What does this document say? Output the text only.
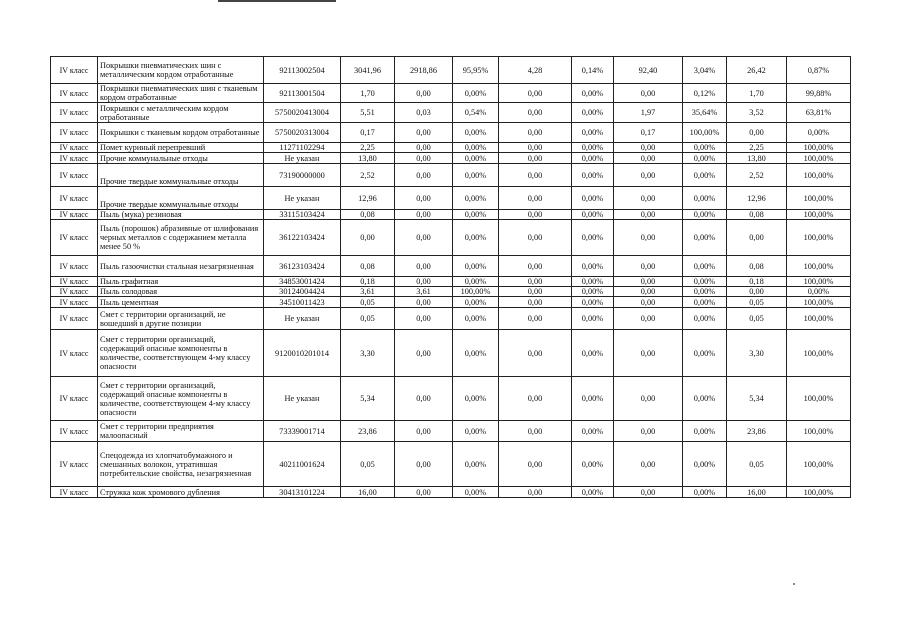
IV класс	Покрышки пневматических шин с металлическим кордом отработанные	92113002504	3041,96	2918,86	95,95%	4,28	0,14%	92,40	3,04%	26,42	0,87%
IV класс	Покрышки пневматических шин с тканевым кордом отработанные	92113001504	1,70	0,00	0,00%	0,00	0,00%	0,00	0,12%	1,70	99,88%
IV класс	Покрышки с металлическим кордом отработанные	5750020413004	5,51	0,03	0,54%	0,00	0,00%	1,97	35,64%	3,52	63,81%
IV класс	Покрышки с тканевым кордом отработанные	5750020313004	0,17	0,00	0,00%	0,00	0,00%	0,17	100,00%	0,00	0,00%
IV класс	Помет куриный перепревший	11271102294	2,25	0,00	0,00%	0,00	0,00%	0,00	0,00%	2,25	100,00%
IV класс	Прочие коммунальные отходы	Не указан	13,80	0,00	0,00%	0,00	0,00%	0,00	0,00%	13,80	100,00%
IV класс	Прочие твердые коммунальные отходы	73190000000	2,52	0,00	0,00%	0,00	0,00%	0,00	0,00%	2,52	100,00%
IV класс	Прочие твердые коммунальные отходы	Не указан	12,96	0,00	0,00%	0,00	0,00%	0,00	0,00%	12,96	100,00%
IV класс	Пыль (мука) резиновая	33115103424	0,08	0,00	0,00%	0,00	0,00%	0,00	0,00%	0,08	100,00%
IV класс	Пыль (порошок) абразивные от шлифования черных металлов с содержанием металла менее 50 %	36122103424	0,00	0,00	0,00%	0,00	0,00%	0,00	0,00%	0,00	100,00%
IV класс	Пыль газоочистки стальная незагрязненная	36123103424	0,08	0,00	0,00%	0,00	0,00%	0,00	0,00%	0,08	100,00%
IV класс	Пыль графитная	34853001424	0,18	0,00	0,00%	0,00	0,00%	0,00	0,00%	0,18	100,00%
IV класс	Пыль солодовая	30124004424	3,61	3,61	100,00%	0,00	0,00%	0,00	0,00%	0,00	0,00%
IV класс	Пыль цементная	34510011423	0,05	0,00	0,00%	0,00	0,00%	0,00	0,00%	0,05	100,00%
IV класс	Смет с территории организаций, не вошедший в другие позиции	Не указан	0,05	0,00	0,00%	0,00	0,00%	0,00	0,00%	0,05	100,00%
IV класс	Смет с территории организаций, содержащий опасные компоненты в количестве, соответствующем 4-му классу опасности	9120010201014	3,30	0,00	0,00%	0,00	0,00%	0,00	0,00%	3,30	100,00%
IV класс	Смет с территории организаций, содержащий опасные компоненты в количестве, соответствующем 4-му классу опасности	Не указан	5,34	0,00	0,00%	0,00	0,00%	0,00	0,00%	5,34	100,00%
IV класс	Смет с территории предприятия малоопасный	73339001714	23,86	0,00	0,00%	0,00	0,00%	0,00	0,00%	23,86	100,00%
IV класс	Спецодежда из хлопчатобумажного и смешанных волокон, утратившая потребительские свойства, незагрязненная	40211001624	0,05	0,00	0,00%	0,00	0,00%	0,00	0,00%	0,05	100,00%
IV класс	Стружка кож хромового дубления	30413101224	16,00	0,00	0,00%	0,00	0,00%	0,00	0,00%	16,00	100,00%
